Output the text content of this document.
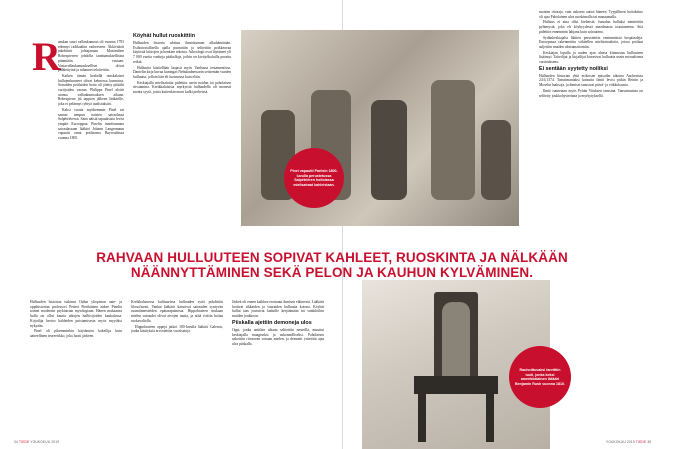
R

anskan suuri vallankumous oli vuonna 1793 edennyt radikaaliin vaiheeseen. Äkkiväärät jakobiinit johtajanaan Maximilien Robespierren johdolla taantumuksellisina pitämiään vastaan. Vastavallankumoukselliset olivat pidätettyinä ja tuhannet teloitettiin.

Kaiken tämän keskellä ranskalaiset hullujenhuoneet olivat kehnossa kunnossa. Sairaiden potilaiden hoito oli jätetty pitkälti vartijoiden varaan. Philippe Pinel aloitti uransa vallankumouksen aikana. Robespierre jäi tappion jälkeen lääkärille, joka ei pelännyt ryhtyä uudistuksiin.

Kaksi vuotta myöhemmin Pinel sai saman tempun naisten sairaalassa Salpêtrièressä. Sana näistä tapauksista levisi ympäri Eurooppaa. Pinelin innoittamana sairaalassaan lääkäri Johann Langermann vapautti omat potilaansa Bayreuthissa vuonna 1805.

Köyhät hullut ruoskittiin

Hulluuden historia ulottuu ihmiskunnan alkuhämärään. Esihistoriallisella ajalla punnittiin ja selitettiin poikkeavaa käytöstä kiistojen ja henkien tekoina. Arkeologit ovat löytäneet yli 7 000 vuotta vanhoja pääkalloja, joihin on kivityökaluilla porattu reikiä.

Hulluutta käsitellään laajasti myös Vanhassa testamentissa. Danielin kirja kuvaa kuningas Nebukadnessarin seitsemän vuoden hulluutta, jolloin hän eli luonnossa kuin eläin.

Keskiajalla mielisairaita pidettiin usein noidan tai paholaisen riivaamina. Kreikkalaisista myrkyistä hulluudella oli monesti monta syytä, joista kuitenkin moni kulki perheissä.

Pinel vapautti Pariisin 1800-luvulla perustetussa Salpêtrièren hoitolassa mielisairaat kahleistaan.

monien riivaaja, vain uskonto auttoi häneen. Tyypillinen hoitokeino oli ajaa Paholainen ulos ruoskimalla tai manaamalla.

Hulluus ei aina ollut kielteistä. Jumalan hulluksi nimitettiin pyhimystä, joka eli köyhyydessä maailmasta irtautuneena. Sitä pidettiin ennemmin lahjana kuin sairautena.

Sydänkeskiajalta lähtien perustettiin ensimmäisiä hospitaaleja. Euroopassa rakennettiin vähitellen mielisairaaloita, joissa potilaat suljettiin muiden ulottumattomiin.

Keskiajan lopulla ja uuden ajan alussa kiinnostus hulluuteen lisääntyi. Taiteilijat ja kirjailijat kuvasivat hulluutta usein moraalisena varoituksena.

Ei sentään syytetty noiliksi

Hulluuden historian yhtä erikoisen episodin aikoina Aachenissa 24.6.1374. Tanssimaniaksi kutsuttu ilmiö levisi pitkin Reinin ja Moselin laaksoja, ja ihmiset tanssivat päivä- ja viikkokausia.

Ilmiö tunnetaan myös Pyhän Vituksen tanssina. Tanssimaniaa on selitetty joukkohysteriana ja myrkytyksellä.

RAHVAAN HULLUUTEEN SOPIVAT KAHLEET, RUOSKINTA JA NÄLKÄÄN NÄÄNNYTTÄMINEN SEKÄ PELON JA KAUHUN KYLVÄMINEN.

Hulluuden historiaa tutkinut Oulun yliopiston aate- ja oppihistorian professori Petteri Pietikäinen näkee Pinelin toimet modernin psykiatrian mytologiaan. Hänen mukaansa hullu on ollut kautta aikojen hallitsijoiden kaukalossa. Kirjailija kertoo kahleiden poistamisesta myös myytiksi nykyään.

Pinel oli pikemminkin käytännön kokeilija kuin aatteellinen teoreetikko, joka luotti järkeen.

Kreikkalaisessa kulttuurissa hulluuden syitä pohdittiin filosofisesti. Vanhat lääkärit katsoivat sairauden syntyvän ruumiinnesteiden epätasapainosta. Hippokrateen mukaan mielen sairaudet olivat aivojen tautia, ja niitä voitiin hoitaa ruokavaliolla.

Hippokrateen oppeja jatkoi 100-luvulla lääkäri Galenos, jonka käsityksiä arvostettiin vuosisatoja.

Järkeä oli ennen kaikkea erottanut ihmisen eläimestä. Lääkärit hoitivat rikkaiden ja vauraiden hulluutta kotona. Köyhät hullut taas joutuivat kaduille kerjäämään tai vankiloihin muiden joukkoon.

Piiskalla ajettiin demoneja ulos

Oppi, jonka antiikin aikaan selitettiin nesteillä, muuttui keskiajalla maagiseksi ja uskonnolliseksi. Paholaisen uskottiin riivaavan sairaan mielen, ja demonit yritettiin ajaa ulos piiskalla.

Rauhoittuvaksi tarvittiin tuoli, jonka keksi amerikkalainen lääkäri Benjamin Rush vuonna 1810.
34 TIEDE YOUKOKUU 2019	YOUKOKUU 2019 TIEDE 35
